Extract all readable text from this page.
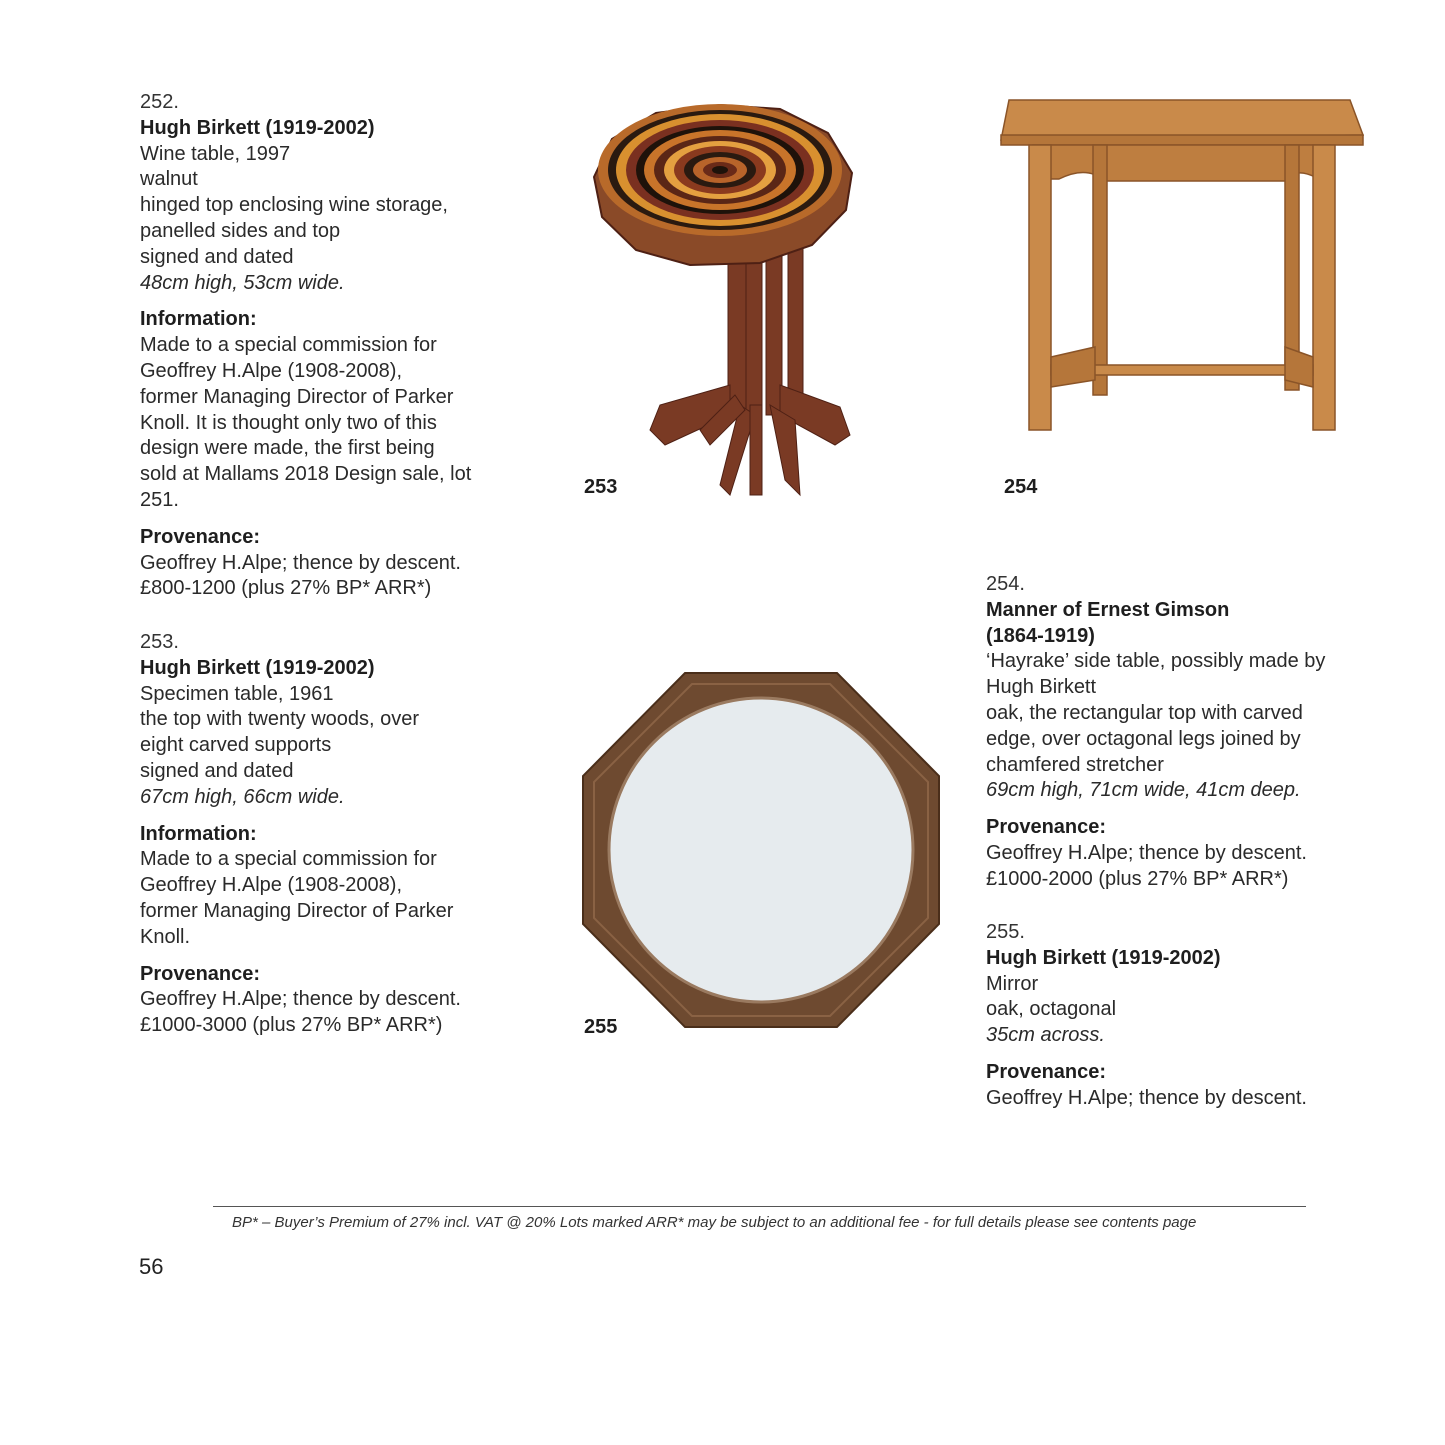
252.

Hugh Birkett (1919-2002)

Wine table, 1997

walnut

hinged top enclosing wine storage,

panelled sides and top

signed and dated

48cm high, 53cm wide.

Information:

Made to a special commission for

Geoffrey H.Alpe (1908-2008),

former Managing Director of Parker

Knoll. It is thought only two of this

design were made, the first being

sold at Mallams 2018 Design sale, lot

251.

Provenance:

Geoffrey H.Alpe; thence by descent.

£800-1200 (plus 27% BP* ARR*)

253.

Hugh Birkett (1919-2002)

Specimen table, 1961

the top with twenty woods, over

eight carved supports

signed and dated

67cm high, 66cm wide.

Information:

Made to a special commission for

Geoffrey H.Alpe (1908-2008),

former Managing Director of Parker

Knoll.

Provenance:

Geoffrey H.Alpe; thence by descent.

£1000-3000 (plus 27% BP* ARR*)

254.

Manner of Ernest Gimson

(1864-1919)

‘Hayrake’ side table, possibly made by

Hugh Birkett

oak, the rectangular top with carved

edge, over octagonal legs joined by

chamfered stretcher

69cm high, 71cm wide, 41cm deep.

Provenance:

Geoffrey H.Alpe; thence by descent.

£1000-2000 (plus 27% BP* ARR*)

255.

Hugh Birkett (1919-2002)

Mirror

oak, octagonal

35cm across.

Provenance:

Geoffrey H.Alpe; thence by descent.

253	254
255
BP* – Buyer’s Premium of 27% incl. VAT @ 20% Lots marked ARR* may be subject to an additional fee - for full details please see contents page
56
